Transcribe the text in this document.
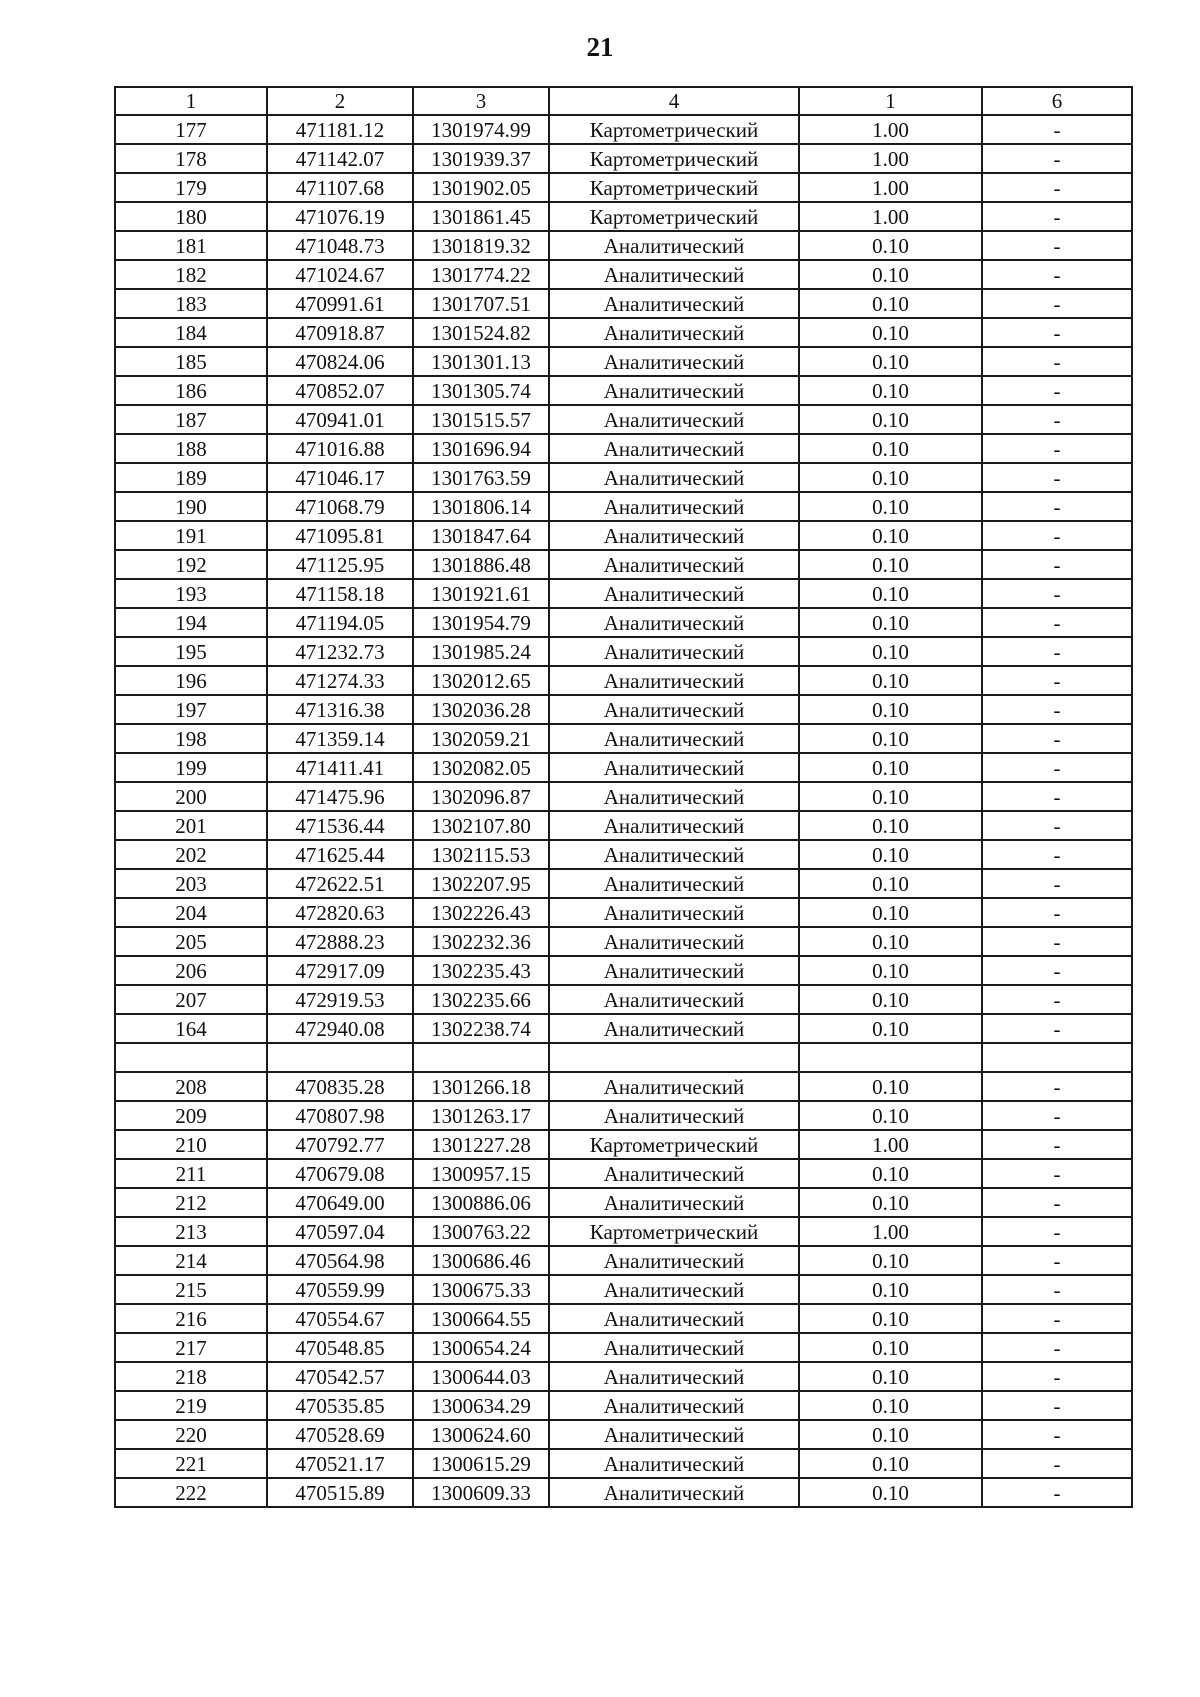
21
1	2	3	4	1	6
177	471181.12	1301974.99	Картометрический	1.00	-
178	471142.07	1301939.37	Картометрический	1.00	-
179	471107.68	1301902.05	Картометрический	1.00	-
180	471076.19	1301861.45	Картометрический	1.00	-
181	471048.73	1301819.32	Аналитический	0.10	-
182	471024.67	1301774.22	Аналитический	0.10	-
183	470991.61	1301707.51	Аналитический	0.10	-
184	470918.87	1301524.82	Аналитический	0.10	-
185	470824.06	1301301.13	Аналитический	0.10	-
186	470852.07	1301305.74	Аналитический	0.10	-
187	470941.01	1301515.57	Аналитический	0.10	-
188	471016.88	1301696.94	Аналитический	0.10	-
189	471046.17	1301763.59	Аналитический	0.10	-
190	471068.79	1301806.14	Аналитический	0.10	-
191	471095.81	1301847.64	Аналитический	0.10	-
192	471125.95	1301886.48	Аналитический	0.10	-
193	471158.18	1301921.61	Аналитический	0.10	-
194	471194.05	1301954.79	Аналитический	0.10	-
195	471232.73	1301985.24	Аналитический	0.10	-
196	471274.33	1302012.65	Аналитический	0.10	-
197	471316.38	1302036.28	Аналитический	0.10	-
198	471359.14	1302059.21	Аналитический	0.10	-
199	471411.41	1302082.05	Аналитический	0.10	-
200	471475.96	1302096.87	Аналитический	0.10	-
201	471536.44	1302107.80	Аналитический	0.10	-
202	471625.44	1302115.53	Аналитический	0.10	-
203	472622.51	1302207.95	Аналитический	0.10	-
204	472820.63	1302226.43	Аналитический	0.10	-
205	472888.23	1302232.36	Аналитический	0.10	-
206	472917.09	1302235.43	Аналитический	0.10	-
207	472919.53	1302235.66	Аналитический	0.10	-
164	472940.08	1302238.74	Аналитический	0.10	-

208	470835.28	1301266.18	Аналитический	0.10	-
209	470807.98	1301263.17	Аналитический	0.10	-
210	470792.77	1301227.28	Картометрический	1.00	-
211	470679.08	1300957.15	Аналитический	0.10	-
212	470649.00	1300886.06	Аналитический	0.10	-
213	470597.04	1300763.22	Картометрический	1.00	-
214	470564.98	1300686.46	Аналитический	0.10	-
215	470559.99	1300675.33	Аналитический	0.10	-
216	470554.67	1300664.55	Аналитический	0.10	-
217	470548.85	1300654.24	Аналитический	0.10	-
218	470542.57	1300644.03	Аналитический	0.10	-
219	470535.85	1300634.29	Аналитический	0.10	-
220	470528.69	1300624.60	Аналитический	0.10	-
221	470521.17	1300615.29	Аналитический	0.10	-
222	470515.89	1300609.33	Аналитический	0.10	-
